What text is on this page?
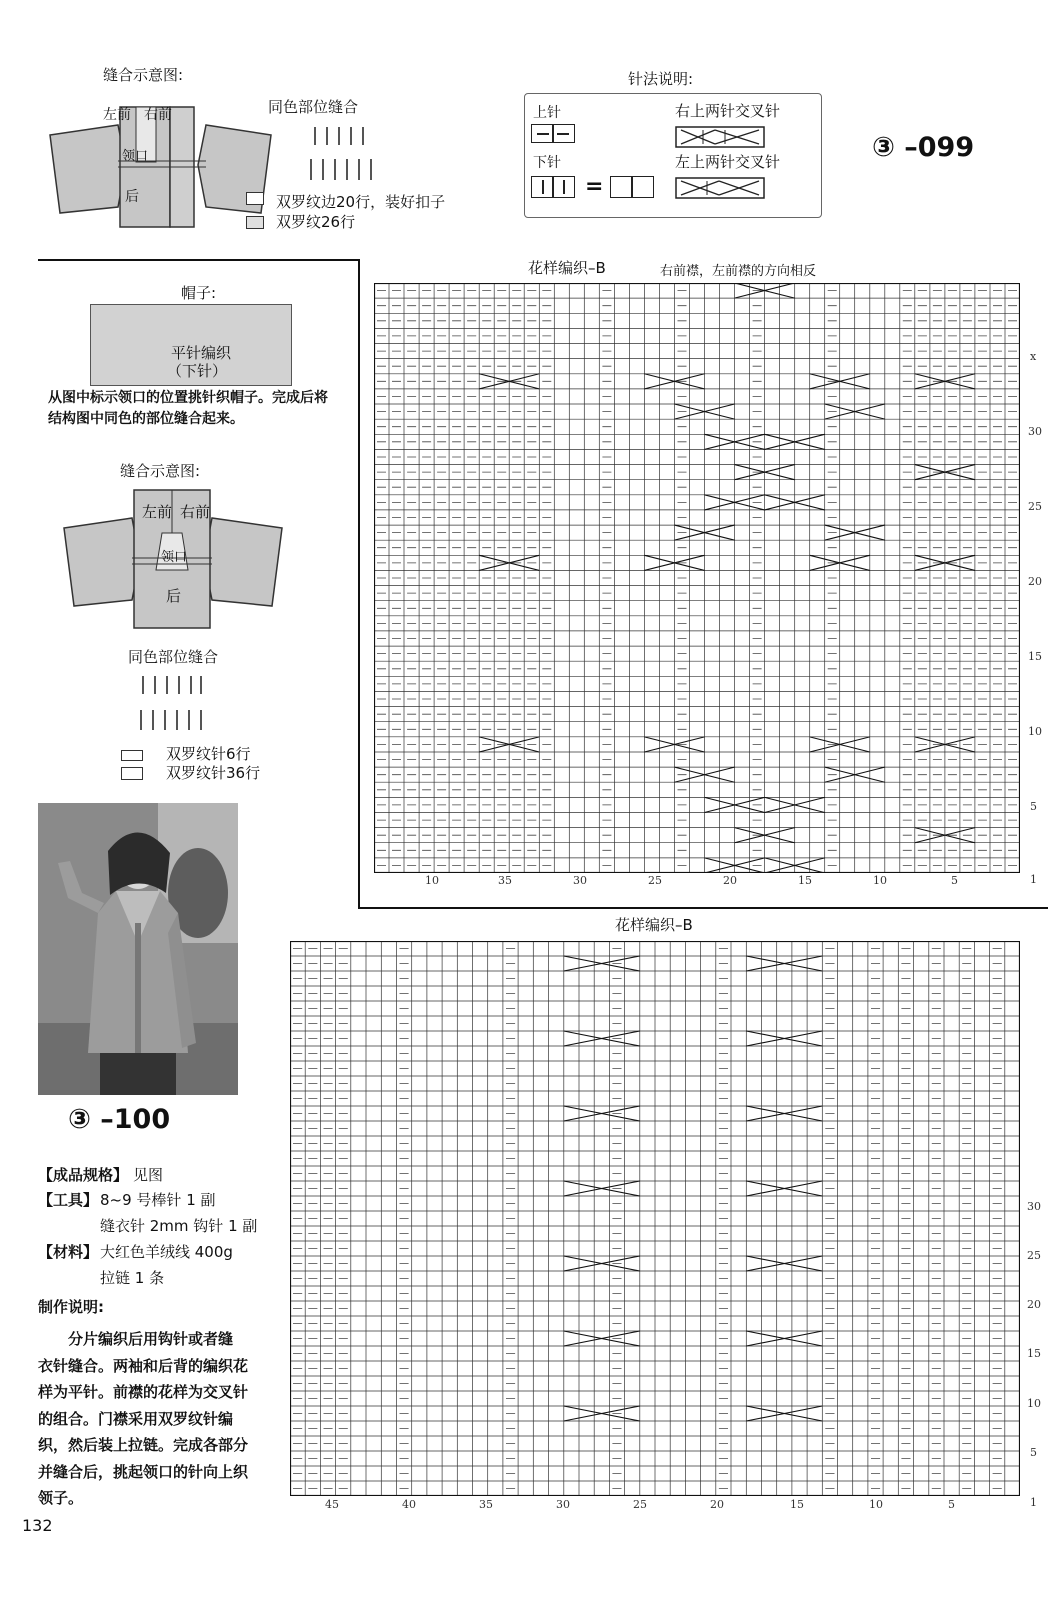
缝合示意图:
左前 右前
领口
后
同色部位缝合
双罗纹边20行，装好扣子
双罗纹26行
针法说明:
上针
下针
=
右上两针交叉针
左上两针交叉针	③ –099
帽子:
平针编织
（下针）
从图中标示领口的位置挑针织帽子。完成后将结构图中同色的部位缝合起来。
缝合示意图:
左前 右前
领口
后
同色部位缝合
双罗纹针6行
双罗纹针36行
③ –100
【成品规格】 见图
【工具】 8~9 号棒针 1 副
缝衣针 2mm 钩针 1 副
【材料】 大红色羊绒线 400g
拉链 1 条
制作说明:

分片编织后用钩针或者缝

衣针缝合。两袖和后背的编织花

样为平针。前襟的花样为交叉针

的组合。门襟采用双罗纹针编

织，然后装上拉链。完成各部分

并缝合后，挑起领口的针向上织

领子。

132
花样编织–B	右前襟，左前襟的方向相反
10	35	30	25	20	15	10	5
x
30
25
20
15
10
5
1
花样编织–B
45	40	35	30	25	20	15	10	5
30
25
20
15
10
5
1
